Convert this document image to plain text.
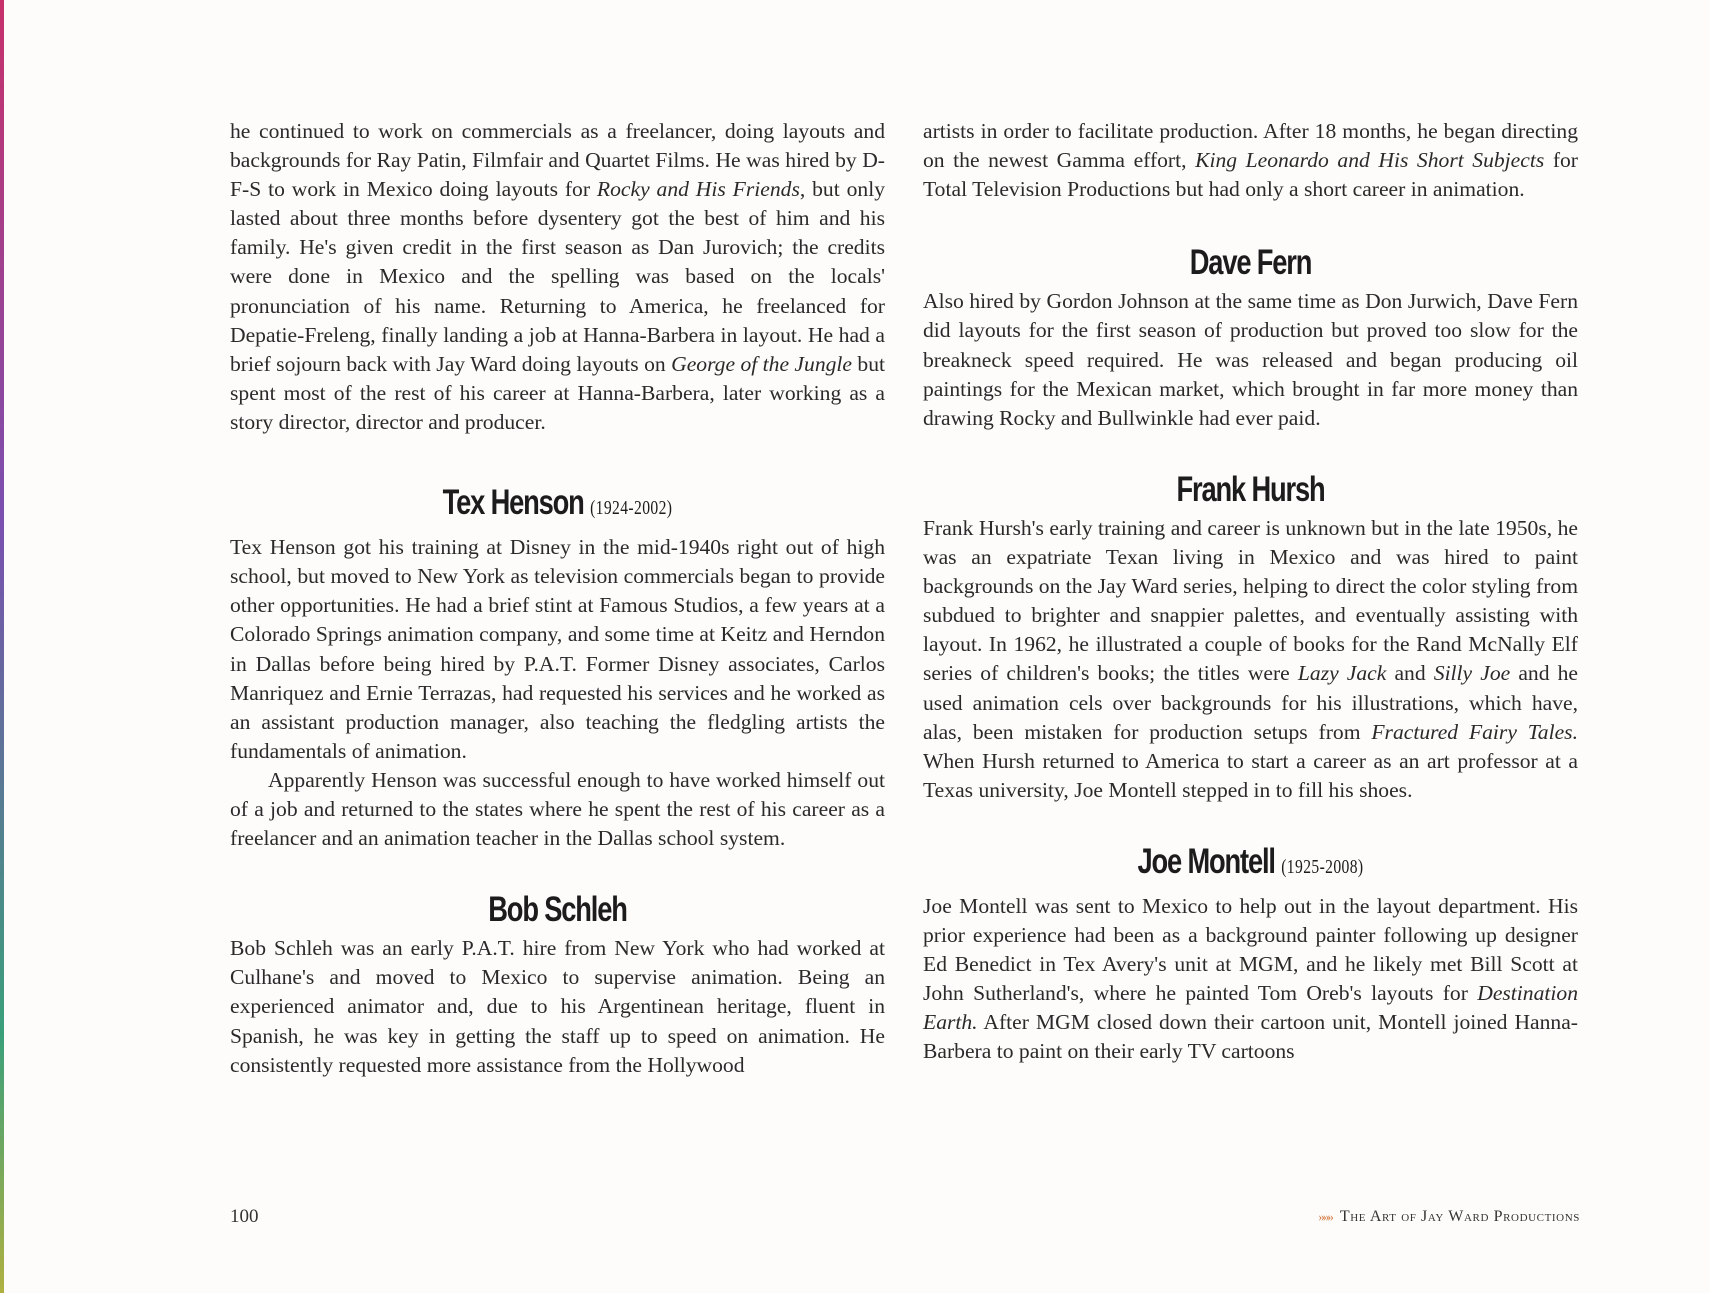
he continued to work on commercials as a freelancer, doing layouts and backgrounds for Ray Patin, Filmfair and Quartet Films. He was hired by D-F-S to work in Mexico doing layouts for Rocky and His Friends, but only lasted about three months before dysentery got the best of him and his family. He's given credit in the first season as Dan Jurovich; the credits were done in Mexico and the spelling was based on the locals' pronunciation of his name. Returning to America, he freelanced for Depatie-Freleng, finally landing a job at Hanna-Barbera in layout. He had a brief sojourn back with Jay Ward doing layouts on George of the Jungle but spent most of the rest of his career at Hanna-Barbera, later working as a story director, director and producer.

Tex Henson (1924-2002)

Tex Henson got his training at Disney in the mid-1940s right out of high school, but moved to New York as television commercials began to provide other opportunities. He had a brief stint at Famous Studios, a few years at a Colorado Springs animation company, and some time at Keitz and Herndon in Dallas before being hired by P.A.T. Former Disney associates, Carlos Manriquez and Ernie Terrazas, had requested his services and he worked as an assistant production manager, also teaching the fledgling artists the fundamentals of animation.

Apparently Henson was successful enough to have worked himself out of a job and returned to the states where he spent the rest of his career as a freelancer and an animation teacher in the Dallas school system.

Bob Schleh

Bob Schleh was an early P.A.T. hire from New York who had worked at Culhane's and moved to Mexico to supervise animation. Being an experienced animator and, due to his Argentinean heritage, fluent in Spanish, he was key in getting the staff up to speed on animation. He consistently requested more assistance from the Hollywood

artists in order to facilitate production. After 18 months, he began directing on the newest Gamma effort, King Leonardo and His Short Subjects for Total Television Productions but had only a short career in animation.

Dave Fern

Also hired by Gordon Johnson at the same time as Don Jurwich, Dave Fern did layouts for the first season of production but proved too slow for the breakneck speed required. He was released and began producing oil paintings for the Mexican market, which brought in far more money than drawing Rocky and Bullwinkle had ever paid.

Frank Hursh

Frank Hursh's early training and career is unknown but in the late 1950s, he was an expatriate Texan living in Mexico and was hired to paint backgrounds on the Jay Ward series, helping to direct the color styling from subdued to brighter and snappier palettes, and eventually assisting with layout. In 1962, he illustrated a couple of books for the Rand McNally Elf series of children's books; the titles were Lazy Jack and Silly Joe and he used animation cels over backgrounds for his illustrations, which have, alas, been mistaken for production setups from Fractured Fairy Tales. When Hursh returned to America to start a career as an art professor at a Texas university, Joe Montell stepped in to fill his shoes.

Joe Montell (1925-2008)

Joe Montell was sent to Mexico to help out in the layout department. His prior experience had been as a background painter following up designer Ed Benedict in Tex Avery's unit at MGM, and he likely met Bill Scott at John Sutherland's, where he painted Tom Oreb's layouts for Destination Earth. After MGM closed down their cartoon unit, Montell joined Hanna-Barbera to paint on their early TV cartoons

100	»»» The Art of Jay Ward Productions
